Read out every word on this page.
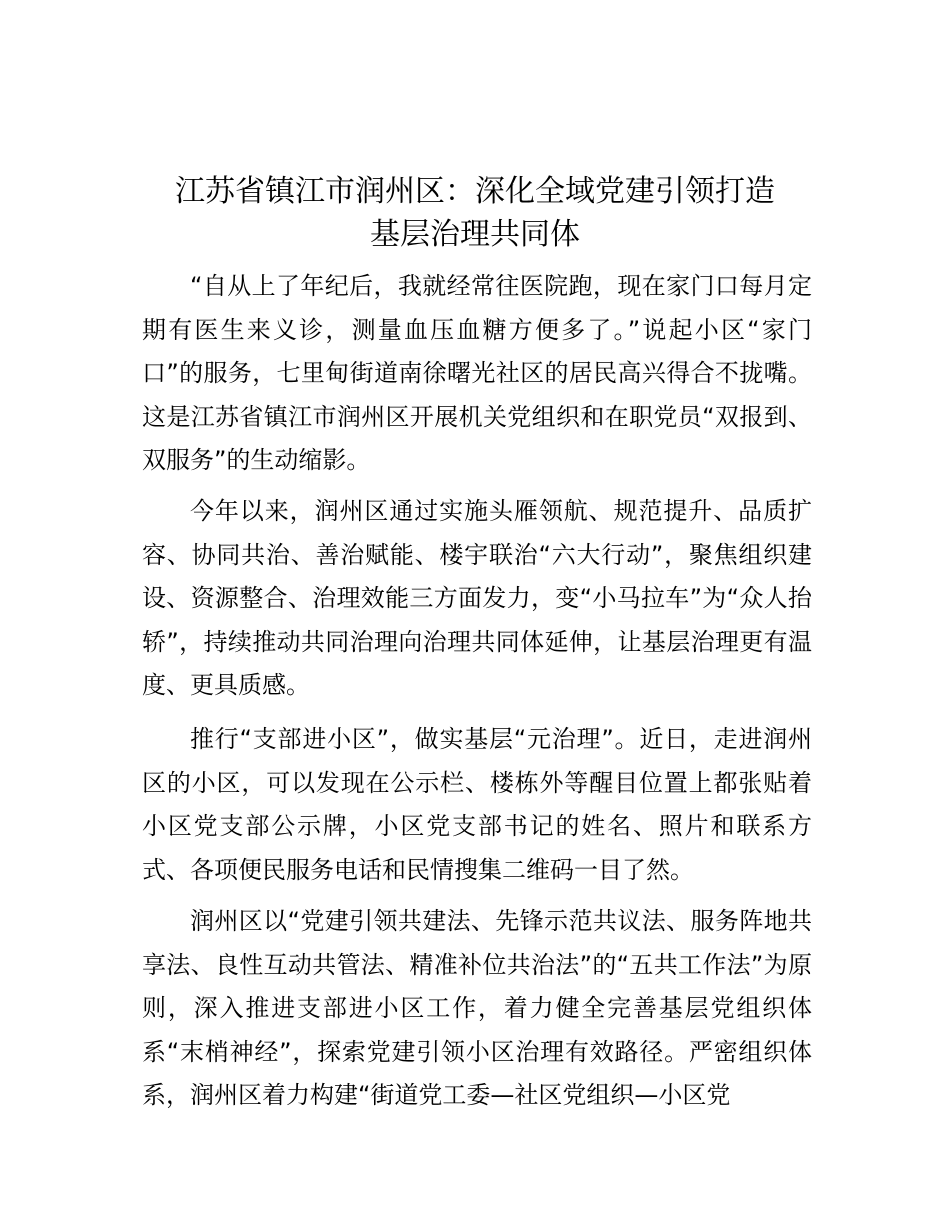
江苏省镇江市润州区：深化全域党建引领打造
基层治理共同体

“自从上了年纪后，我就经常往医院跑，现在家门口每月定期有医生来义诊，测量血压血糖方便多了。”说起小区“家门口”的服务，七里甸街道南徐曙光社区的居民高兴得合不拢嘴。这是江苏省镇江市润州区开展机关党组织和在职党员“双报到、双服务”的生动缩影。

今年以来，润州区通过实施头雁领航、规范提升、品质扩容、协同共治、善治赋能、楼宇联治“六大行动”，聚焦组织建设、资源整合、治理效能三方面发力，变“小马拉车”为“众人抬轿”，持续推动共同治理向治理共同体延伸，让基层治理更有温度、更具质感。

推行“支部进小区”，做实基层“元治理”。近日，走进润州区的小区，可以发现在公示栏、楼栋外等醒目位置上都张贴着小区党支部公示牌，小区党支部书记的姓名、照片和联系方式、各项便民服务电话和民情搜集二维码一目了然。

润州区以“党建引领共建法、先锋示范共议法、服务阵地共享法、良性互动共管法、精准补位共治法”的“五共工作法”为原则，深入推进支部进小区工作，着力健全完善基层党组织体系“末梢神经”，探索党建引领小区治理有效路径。严密组织体系，润州区着力构建“街道党工委—社区党组织—小区党
